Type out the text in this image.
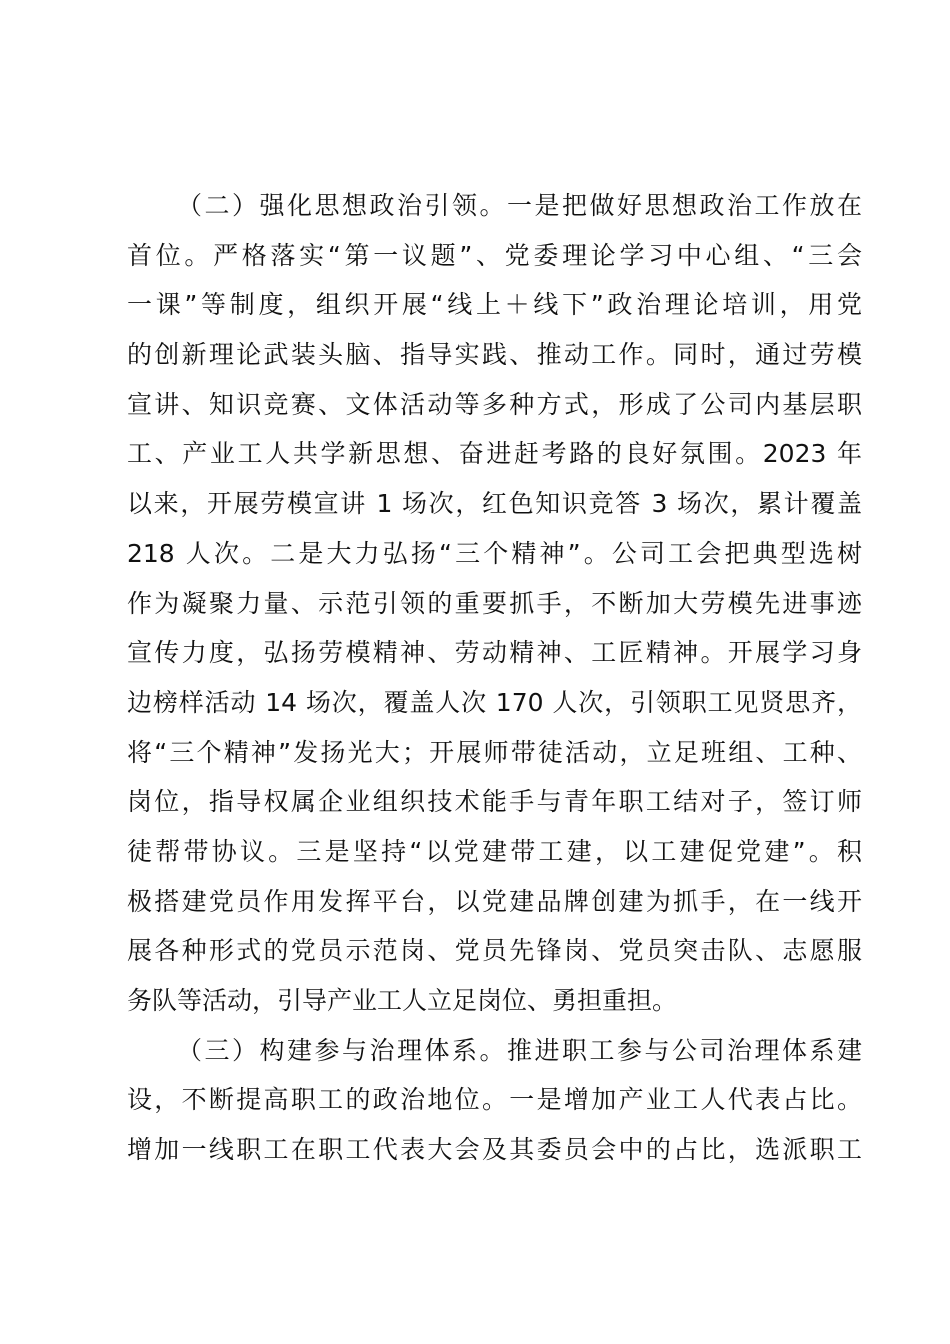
（二）强化思想政治引领。一是把做好思想政治工作放在
首位。严格落实“第一议题”、党委理论学习中心组、“三会
一课”等制度，组织开展“线上＋线下”政治理论培训，用党
的创新理论武装头脑、指导实践、推动工作。同时，通过劳模
宣讲、知识竞赛、文体活动等多种方式，形成了公司内基层职
工、产业工人共学新思想、奋进赶考路的良好氛围。2023 年
以来，开展劳模宣讲 1 场次，红色知识竞答 3 场次，累计覆盖
218 人次。二是大力弘扬“三个精神”。公司工会把典型选树
作为凝聚力量、示范引领的重要抓手，不断加大劳模先进事迹
宣传力度，弘扬劳模精神、劳动精神、工匠精神。开展学习身
边榜样活动 14 场次，覆盖人次 170 人次，引领职工见贤思齐，
将“三个精神”发扬光大；开展师带徒活动，立足班组、工种、
岗位，指导权属企业组织技术能手与青年职工结对子，签订师
徒帮带协议。三是坚持“以党建带工建，以工建促党建”。积
极搭建党员作用发挥平台，以党建品牌创建为抓手，在一线开
展各种形式的党员示范岗、党员先锋岗、党员突击队、志愿服
务队等活动，引导产业工人立足岗位、勇担重担。
（三）构建参与治理体系。推进职工参与公司治理体系建
设，不断提高职工的政治地位。一是增加产业工人代表占比。
增加一线职工在职工代表大会及其委员会中的占比，选派职工
